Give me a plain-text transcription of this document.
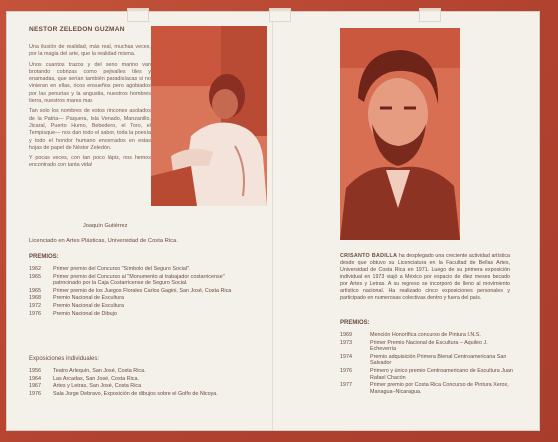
NESTOR ZELEDON GUZMAN

Una ilusión de realidad, más real, muchas veces, por la magia del arte, que la realidad misma.

Unos cuantos trazos y del seno marino van brotando cobrizas como pejivalles tiles y enamadas, que serían también paradisíacas si no vinieran en ellas, ricos ensueños pero agobiados por las penurias y la angustia, nuestros hombres tierra, nuestros mares mar.

Tan solo los nombres de estos rincones asolados de la Patria— Paquera, Isla Venado, Manzanillo, Jicaral, Puerto Humo, Bebedero, el Toro, el Tempisque— nos dan todo el sabor, toda la poesía y todo el hondor humano encerrados en estas hojas de papel de Néstor Zeledón.

Y pocas veces, con tan poco lápiz, nos hemos encontrado con tanta vida!

Joaquín Gutiérrez
Licenciado en Artes Plásticas, Universidad de Costa Rica.
PREMIOS:
1962	Primer premio del Concurso "Símbolo del Seguro Social".
1965	Primer premio del Concurso al "Monumento al trabajador costarricense" patrocinado por la Caja Costarricense de Seguro Social.
1965	Primer premio de los Juegos Florales Carlos Gagini, San José, Costa Rica
1968	Premio Nacional de Escultura
1972	Premio Nacional de Escultura
1976	Premio Nacional de Dibujo
Exposiciones individuales:
1956	Teatro Arlequín, San José, Costa Rica.
1964	Las Arcadas, San José, Costa Rica.
1967	Artes y Letras, San José, Costa Rica
1976	Sala Jorge Debravo, Exposición de dibujos sobre el Golfo de Nicoya.
CRISANTO BADILLA ha desplegado una creciente actividad artística desde que obtuvo su Licenciatura en la Facultad de Bellas Artes, Universidad de Costa Rica en 1971. Luego de su primera exposición individual en 1973 viajó a México por espacio de diez meses becado por Artes y Letras. A su regreso se incorporó de lleno al movimiento artístico nacional. Ha realizado cinco exposiciones personales y participado en numerosas colectivas dentro y fuera del país.
PREMIOS:
1969	Mención Honorífica concurso de Pintura I.N.S.
1973	Primer Premio Nacional de Escultura – Aquileo J. Echeverría
1974	Premio adquisición Primera Bienal Centroamericana San Salvador
1976	Primero y único premio Centroamericano de Escultura Juan Rafael Chacón
1977	Primer premio por Costa Rica Concurso de Pintura Xerox, Managua–Nicaragua.
